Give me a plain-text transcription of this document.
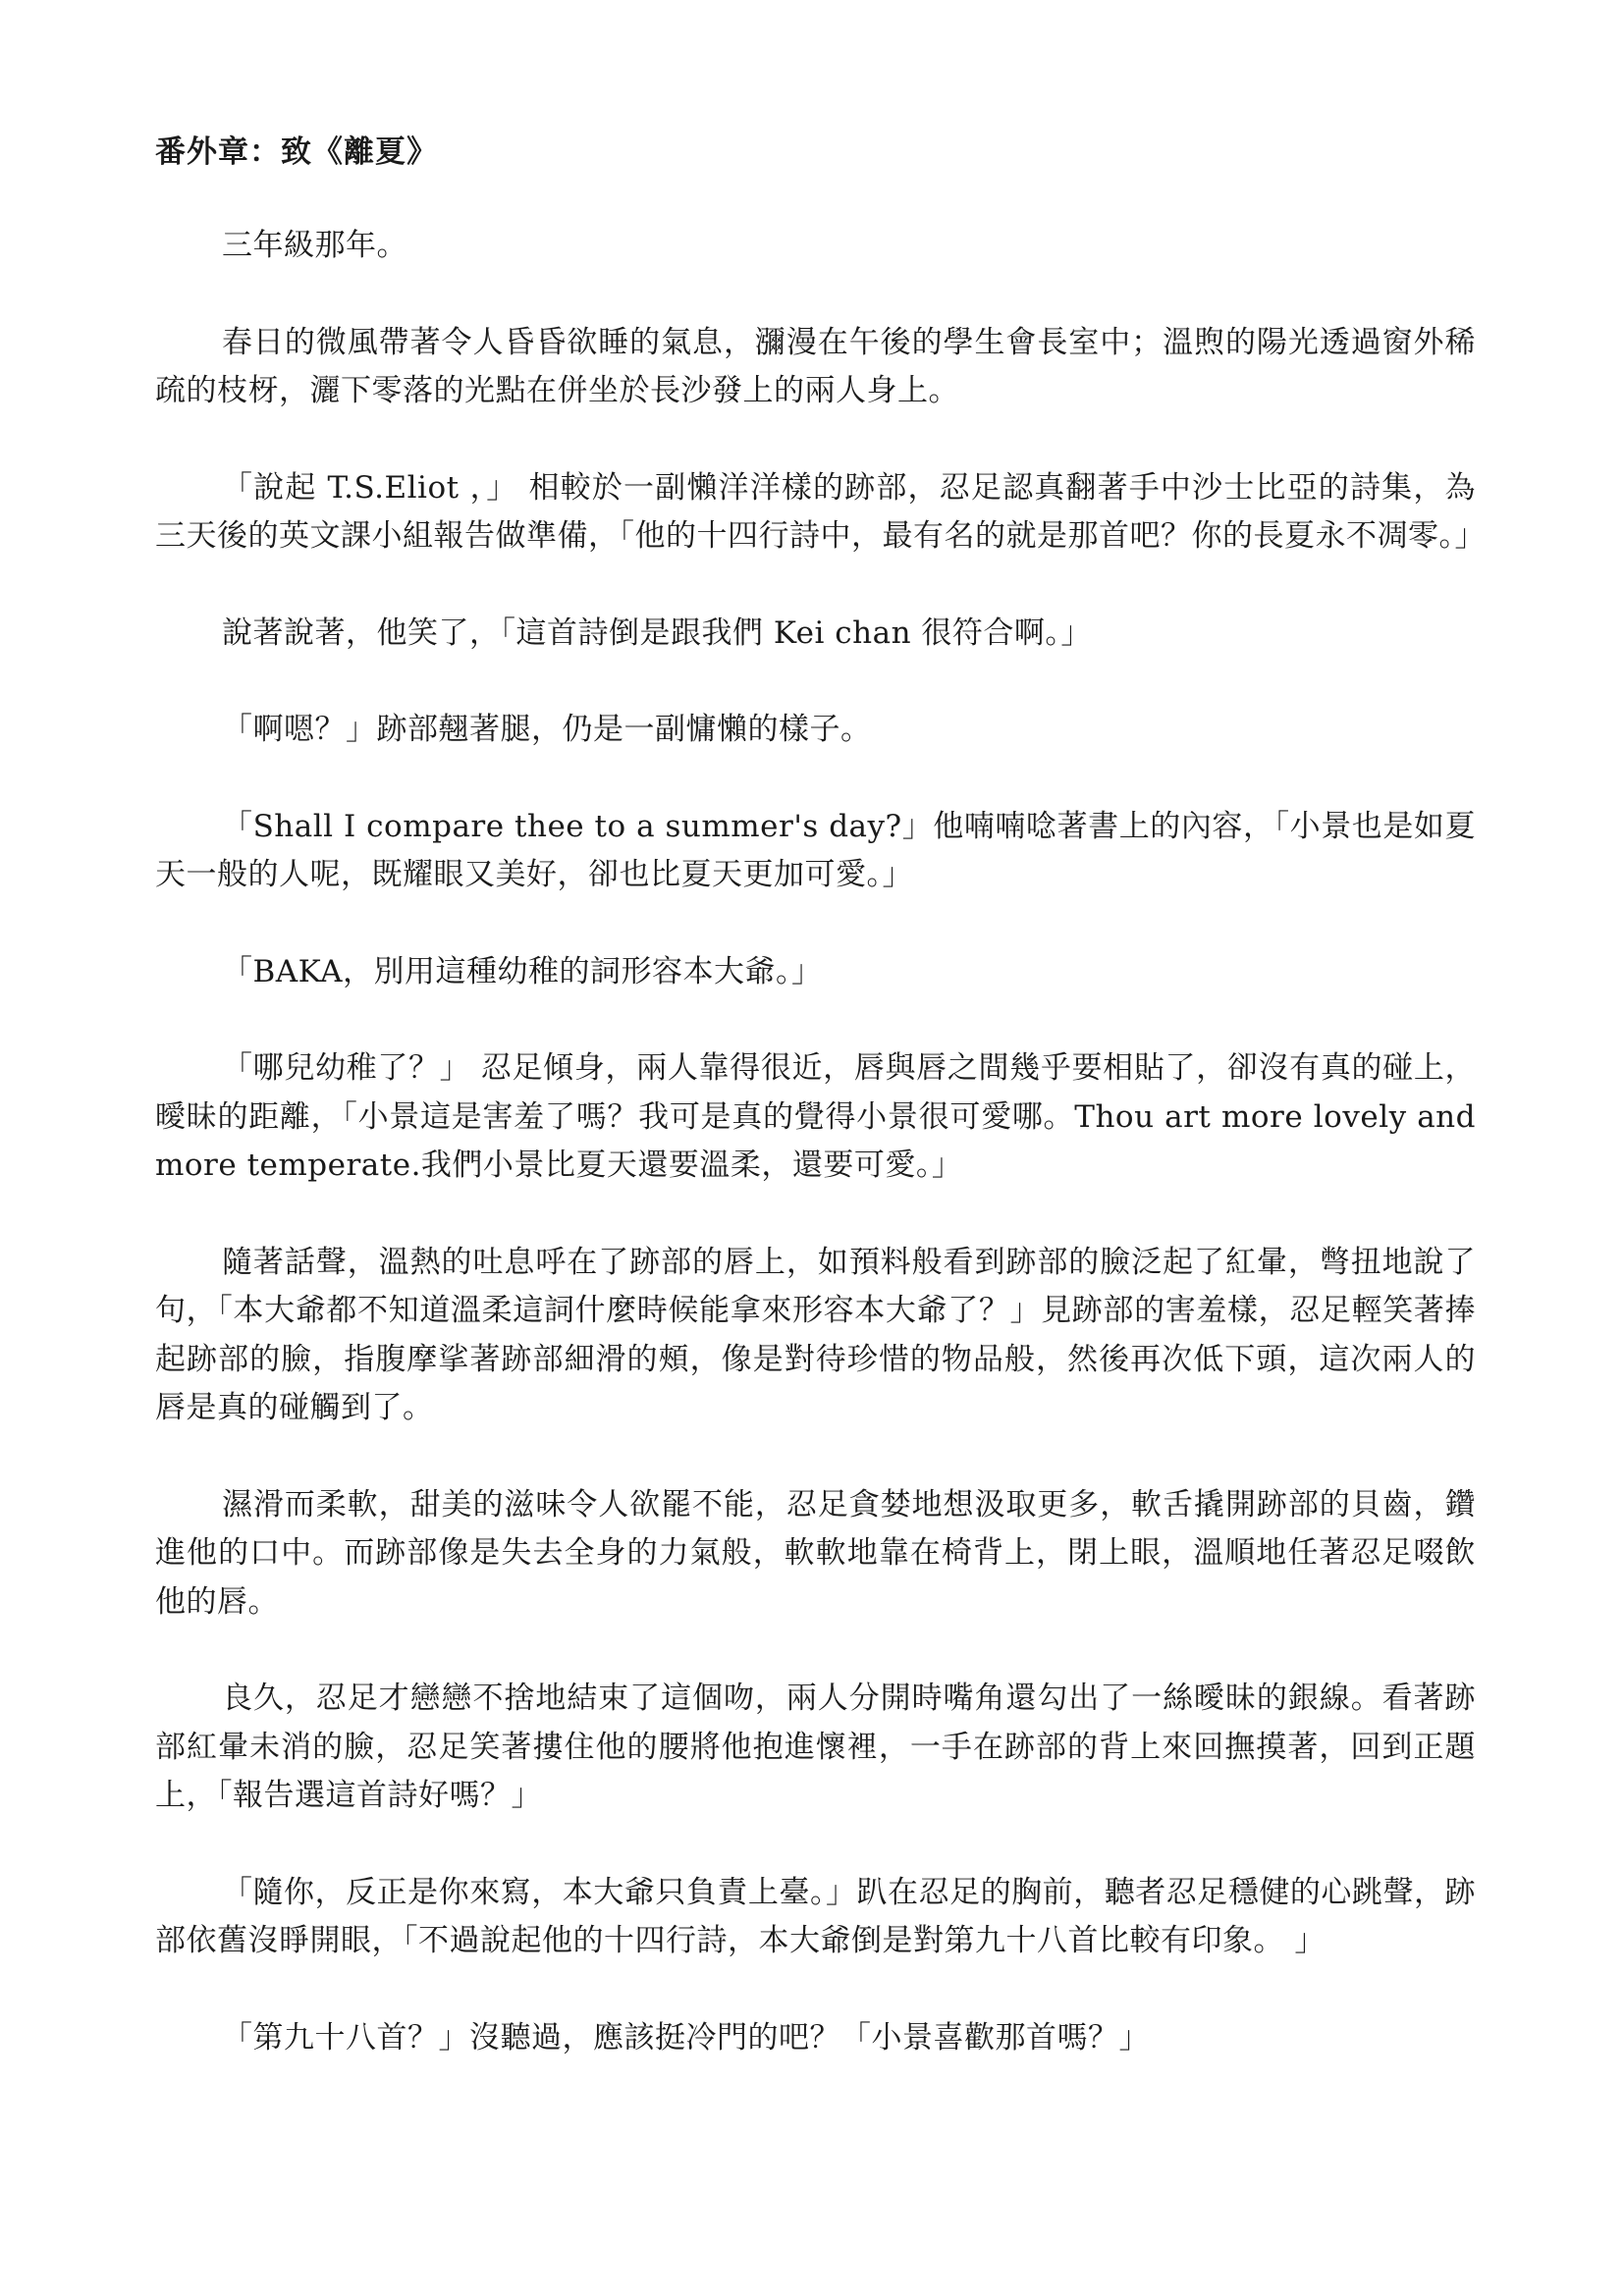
番外章：致《離夏》

三年級那年。

春日的微風帶著令人昏昏欲睡的氣息，瀰漫在午後的學生會長室中；溫煦的陽光透過窗外稀疏的枝枒，灑下零落的光點在併坐於長沙發上的兩人身上。

「說起 T.S.Eliot ，」 相較於一副懶洋洋樣的跡部，忍足認真翻著手中沙士比亞的詩集，為三天後的英文課小組報告做準備，「他的十四行詩中，最有名的就是那首吧？你的長夏永不凋零。」

說著說著，他笑了，「這首詩倒是跟我們 Kei chan 很符合啊。」

「啊嗯？」跡部翹著腿，仍是一副慵懶的樣子。

「Shall I compare thee to a summer's day?」他喃喃唸著書上的內容，「小景也是如夏天一般的人呢，既耀眼又美好，卻也比夏天更加可愛。」

「BAKA，別用這種幼稚的詞形容本大爺。」

「哪兒幼稚了？」 忍足傾身，兩人靠得很近，唇與唇之間幾乎要相貼了，卻沒有真的碰上，曖昧的距離，「小景這是害羞了嗎？我可是真的覺得小景很可愛哪。Thou art more lovely and more temperate.我們小景比夏天還要溫柔，還要可愛。」

隨著話聲，溫熱的吐息呼在了跡部的唇上，如預料般看到跡部的臉泛起了紅暈，彆扭地說了句，「本大爺都不知道溫柔這詞什麼時候能拿來形容本大爺了？」見跡部的害羞樣，忍足輕笑著捧起跡部的臉，指腹摩挲著跡部細滑的頰，像是對待珍惜的物品般，然後再次低下頭，這次兩人的唇是真的碰觸到了。

濕滑而柔軟，甜美的滋味令人欲罷不能，忍足貪婪地想汲取更多，軟舌撬開跡部的貝齒，鑽進他的口中。而跡部像是失去全身的力氣般，軟軟地靠在椅背上，閉上眼，溫順地任著忍足啜飲他的唇。

良久，忍足才戀戀不捨地結束了這個吻，兩人分開時嘴角還勾出了一絲曖昧的銀線。看著跡部紅暈未消的臉，忍足笑著摟住他的腰將他抱進懷裡，一手在跡部的背上來回撫摸著，回到正題上，「報告選這首詩好嗎？」

「隨你，反正是你來寫，本大爺只負責上臺。」趴在忍足的胸前，聽者忍足穩健的心跳聲，跡部依舊沒睜開眼，「不過說起他的十四行詩，本大爺倒是對第九十八首比較有印象。 」

「第九十八首？」沒聽過，應該挺冷門的吧？「小景喜歡那首嗎？」
